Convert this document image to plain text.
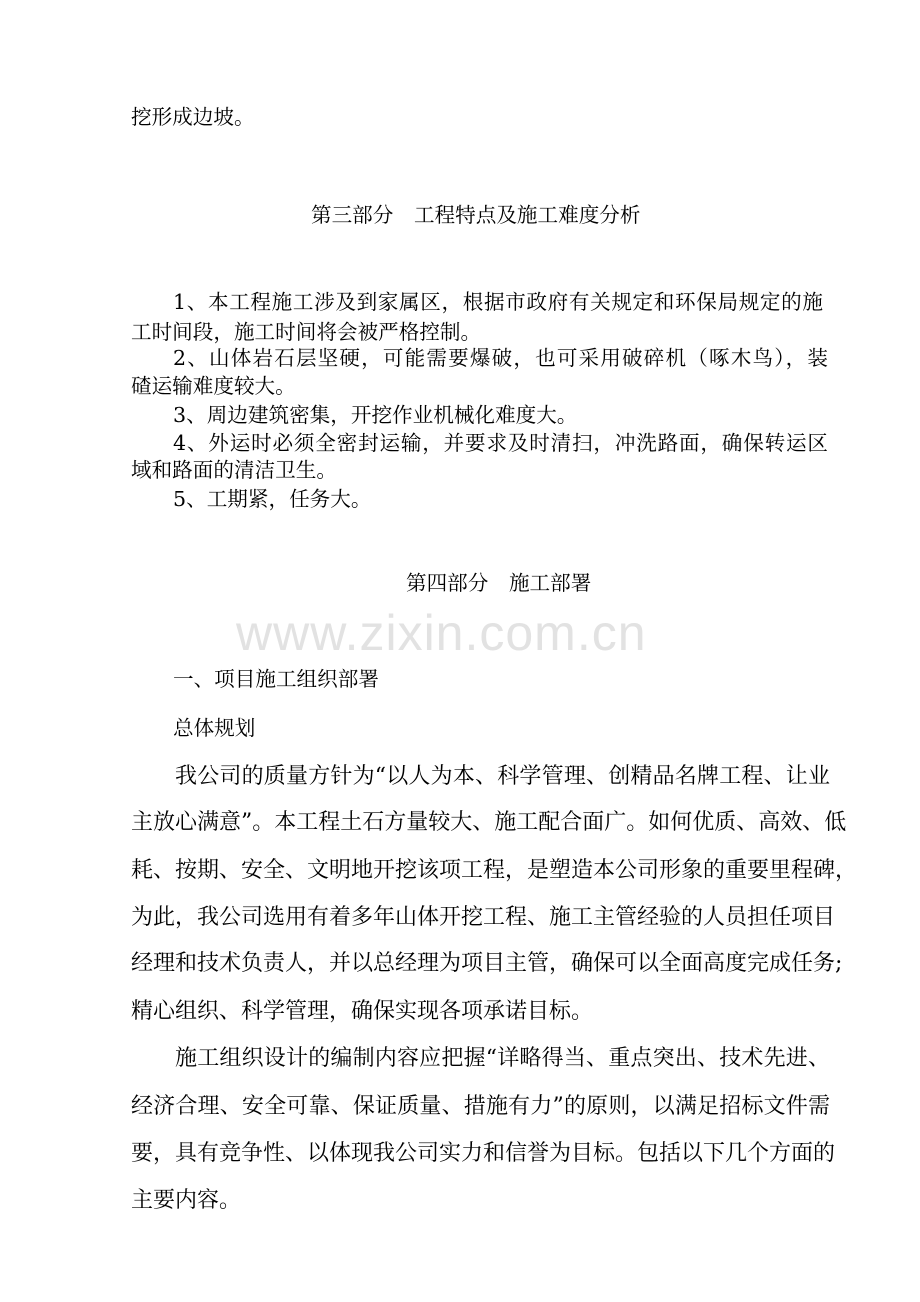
www.zixin.com.cn

挖形成边坡。

第三部分　工程特点及施工难度分析

1、本工程施工涉及到家属区，根据市政府有关规定和环保局规定的施

工时间段，施工时间将会被严格控制。

2、山体岩石层坚硬，可能需要爆破，也可采用破碎机（啄木鸟），装

碴运输难度较大。

3、周边建筑密集，开挖作业机械化难度大。

4、外运时必须全密封运输，并要求及时清扫，冲洗路面，确保转运区

域和路面的清洁卫生。

5、工期紧，任务大。

第四部分　施工部署

一、项目施工组织部署

总体规划

我公司的质量方针为“以人为本、科学管理、创精品名牌工程、让业

主放心满意”。本工程土石方量较大、施工配合面广。如何优质、高效、低

耗、按期、安全、文明地开挖该项工程，是塑造本公司形象的重要里程碑，

为此，我公司选用有着多年山体开挖工程、施工主管经验的人员担任项目

经理和技术负责人，并以总经理为项目主管，确保可以全面高度完成任务;

精心组织、科学管理，确保实现各项承诺目标。

施工组织设计的编制内容应把握“详略得当、重点突出、技术先进、

经济合理、安全可靠、保证质量、措施有力”的原则，以满足招标文件需

要，具有竞争性、以体现我公司实力和信誉为目标。包括以下几个方面的

主要内容。
